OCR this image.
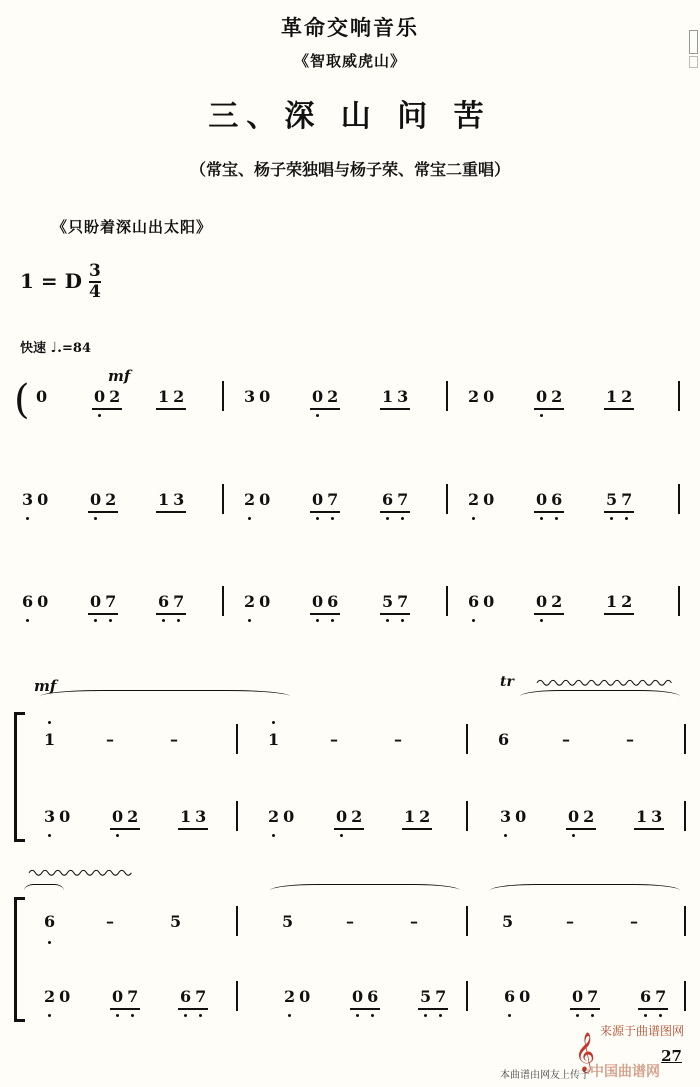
革命交响音乐
《智取威虎山》
三、深 山 问 苦
（常宝、杨子荣独唱与杨子荣、常宝二重唱）
《只盼着深山出太阳》
1 = D $\frac{3}{4}$
快速 ♩.=84
mf
( 0	0 2 1 2	3 0	0 2	1 3	2 0	0 2	1 2
3 0	0 2	1 3	2 0	0 7	6 7	2 0	0 6	5 7
6 0	0 7	6 7	2 0	0 6	5 7	6 0	0 2	1 2
mf	tr
1	–	–	1	–	–	6	–	–
3 0	0 2	1 3	2 0	0 2	1 2	3 0	0 2	1 3
6	–	5	5	–	–	5	–	–
2 0	0 7	6 7	2 0	0 6	5 7	6 0	0 7	6 7
𝄞
来源于曲谱图网
本曲谱由网友上传于 中国曲谱网
27
